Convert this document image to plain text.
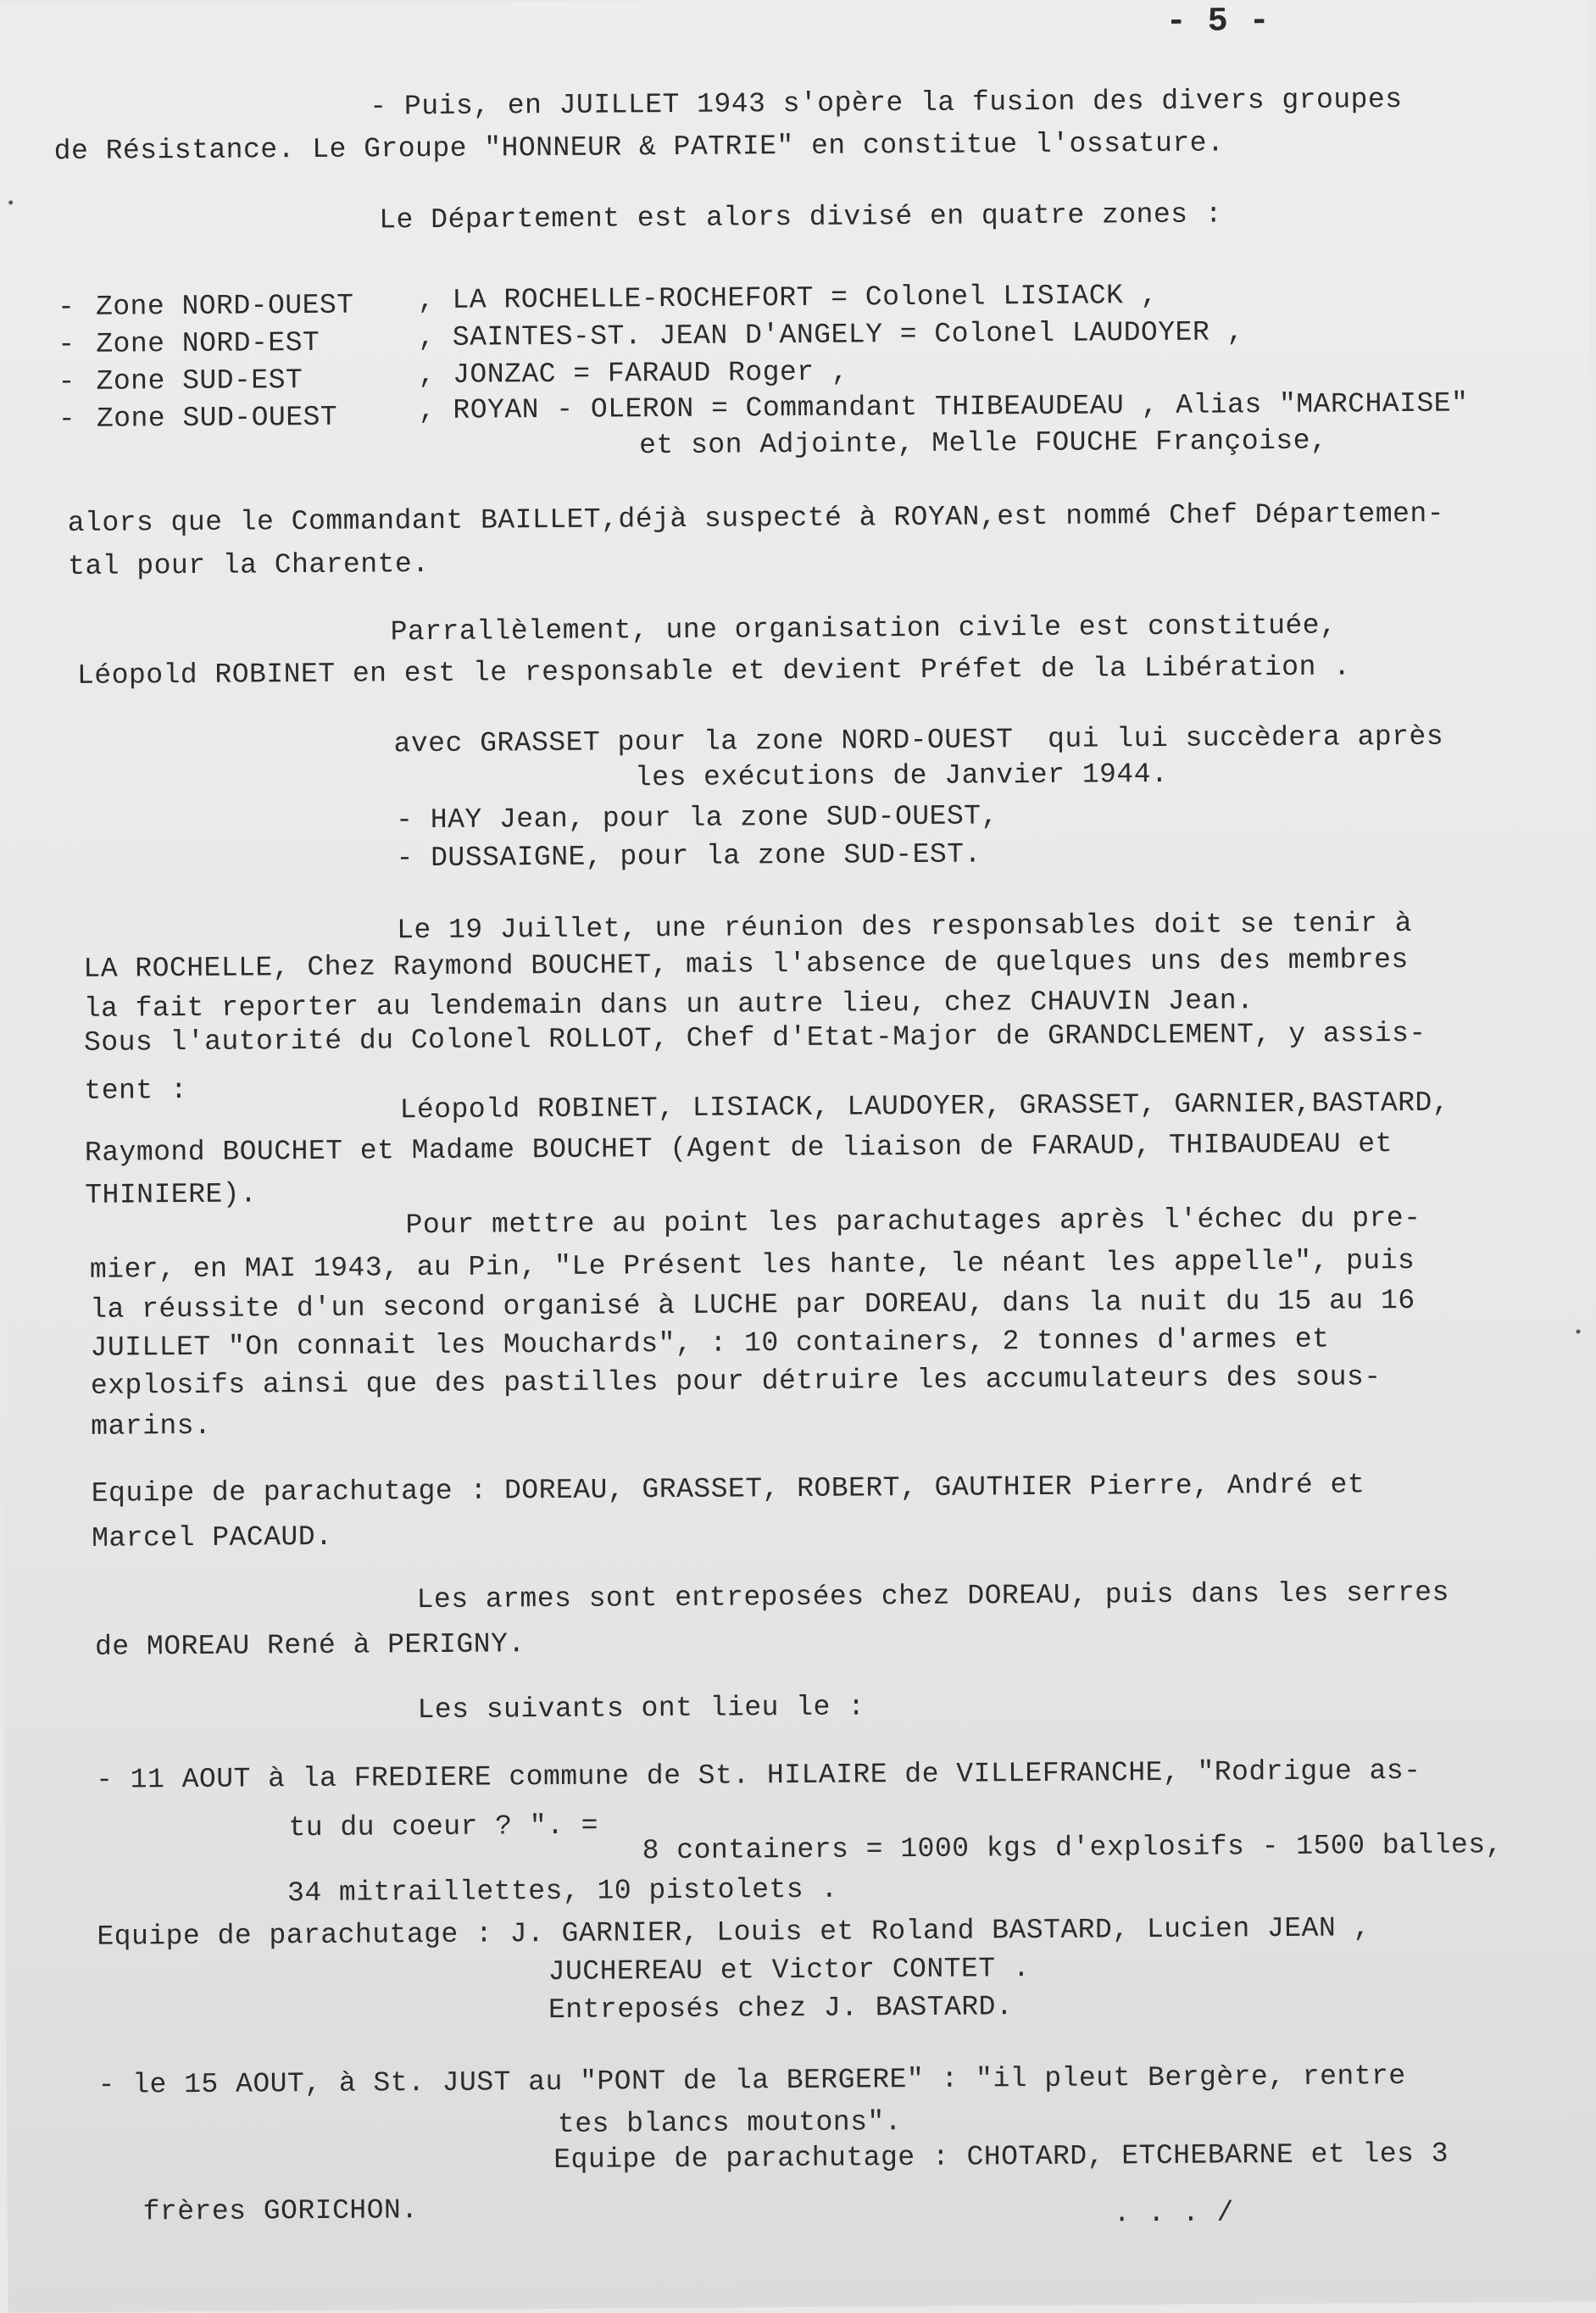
- 5 -
- Puis, en JUILLET 1943 s'opère la fusion des divers groupes
de Résistance. Le Groupe "HONNEUR & PATRIE" en constitue l'ossature.
Le Département est alors divisé en quatre zones :
- Zone NORD-OUEST , LA ROCHELLE-ROCHEFORT = Colonel LISIACK ,
- Zone NORD-EST	, SAINTES-ST. JEAN D'ANGELY = Colonel LAUDOYER ,
- Zone SUD-EST	, JONZAC = FARAUD Roger ,
- Zone SUD-OUEST	, ROYAN - OLERON = Commandant THIBEAUDEAU , Alias "MARCHAISE"
et son Adjointe, Melle FOUCHE Françoise,
alors que le Commandant BAILLET,déjà suspecté à ROYAN,est nommé Chef Départemen-
tal pour la Charente.
Parrallèlement, une organisation civile est constituée,
Léopold ROBINET en est le responsable et devient Préfet de la Libération .
avec GRASSET pour la zone NORD-OUEST  qui lui succèdera après
les exécutions de Janvier 1944.
- HAY Jean, pour la zone SUD-OUEST,
- DUSSAIGNE, pour la zone SUD-EST.
Le 19 Juillet, une réunion des responsables doit se tenir à
LA ROCHELLE, Chez Raymond BOUCHET, mais l'absence de quelques uns des membres
la fait reporter au lendemain dans un autre lieu, chez CHAUVIN Jean.
Sous l'autorité du Colonel ROLLOT, Chef d'Etat-Major de GRANDCLEMENT, y assis-
tent :	Léopold ROBINET, LISIACK, LAUDOYER, GRASSET, GARNIER,BASTARD,
Raymond BOUCHET et Madame BOUCHET (Agent de liaison de FARAUD, THIBAUDEAU et
THINIERE).
Pour mettre au point les parachutages après l'échec du pre-
mier, en MAI 1943, au Pin, "Le Présent les hante, le néant les appelle", puis
la réussite d'un second organisé à LUCHE par DOREAU, dans la nuit du 15 au 16
JUILLET "On connait les Mouchards", : 10 containers, 2 tonnes d'armes et
explosifs ainsi que des pastilles pour détruire les accumulateurs des sous-
marins.
Equipe de parachutage : DOREAU, GRASSET, ROBERT, GAUTHIER Pierre, André et
Marcel PACAUD.
Les armes sont entreposées chez DOREAU, puis dans les serres
de MOREAU René à PERIGNY.
Les suivants ont lieu le :
- 11 AOUT à la FREDIERE commune de St. HILAIRE de VILLEFRANCHE, "Rodrigue as-
tu du coeur ? ". =
8 containers = 1000 kgs d'explosifs - 1500 balles,
34 mitraillettes, 10 pistolets .
Equipe de parachutage : J. GARNIER, Louis et Roland BASTARD, Lucien JEAN ,
JUCHEREAU et Victor CONTET .
Entreposés chez J. BASTARD.
- le 15 AOUT, à St. JUST au "PONT de la BERGERE" : "il pleut Bergère, rentre
tes blancs moutons".
Equipe de parachutage : CHOTARD, ETCHEBARNE et les 3
frères GORICHON.	. . . /
